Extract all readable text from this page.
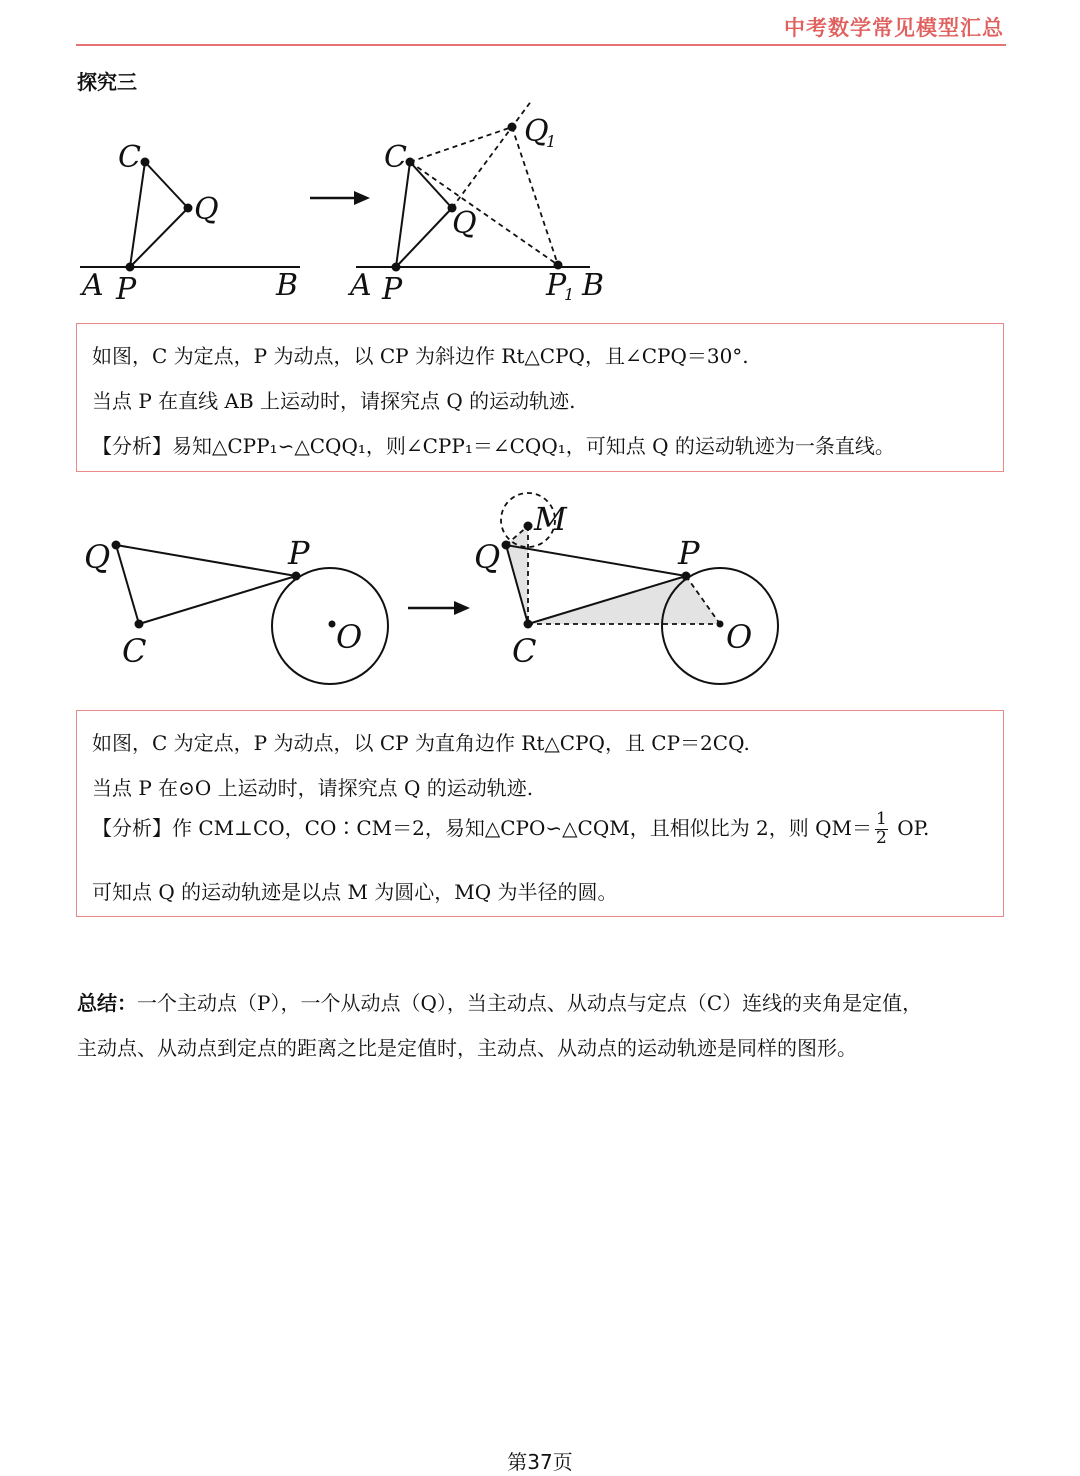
中考数学常见模型汇总
探究三
C
Q
A P	B
C
Q
Q
1
A P	P
1 B
如图，C 为定点，P 为动点，以 CP 为斜边作 Rt△CPQ，且∠CPQ＝30°.
当点 P 在直线 AB 上运动时，请探究点 Q 的运动轨迹.
【分析】易知△CPP₁∽△CQQ₁，则∠CPP₁＝∠CQQ₁，可知点 Q 的运动轨迹为一条直线。
Q	P
C	O
M
Q	P
C	O
如图，C 为定点，P 为动点，以 CP 为直角边作 Rt△CPQ，且 CP＝2CQ.
当点 P 在⊙O 上运动时，请探究点 Q 的运动轨迹.
【分析】作 CM⊥CO，CO∶CM＝2，易知△CPO∽△CQM，且相似比为 2，则 $QM= \frac{1}{2}$ OP.
可知点 Q 的运动轨迹是以点 M 为圆心，MQ 为半径的圆。
总结：一个主动点（P），一个从动点（Q），当主动点、从动点与定点（C）连线的夹角是定值，
主动点、从动点到定点的距离之比是定值时，主动点、从动点的运动轨迹是同样的图形。
第37页
